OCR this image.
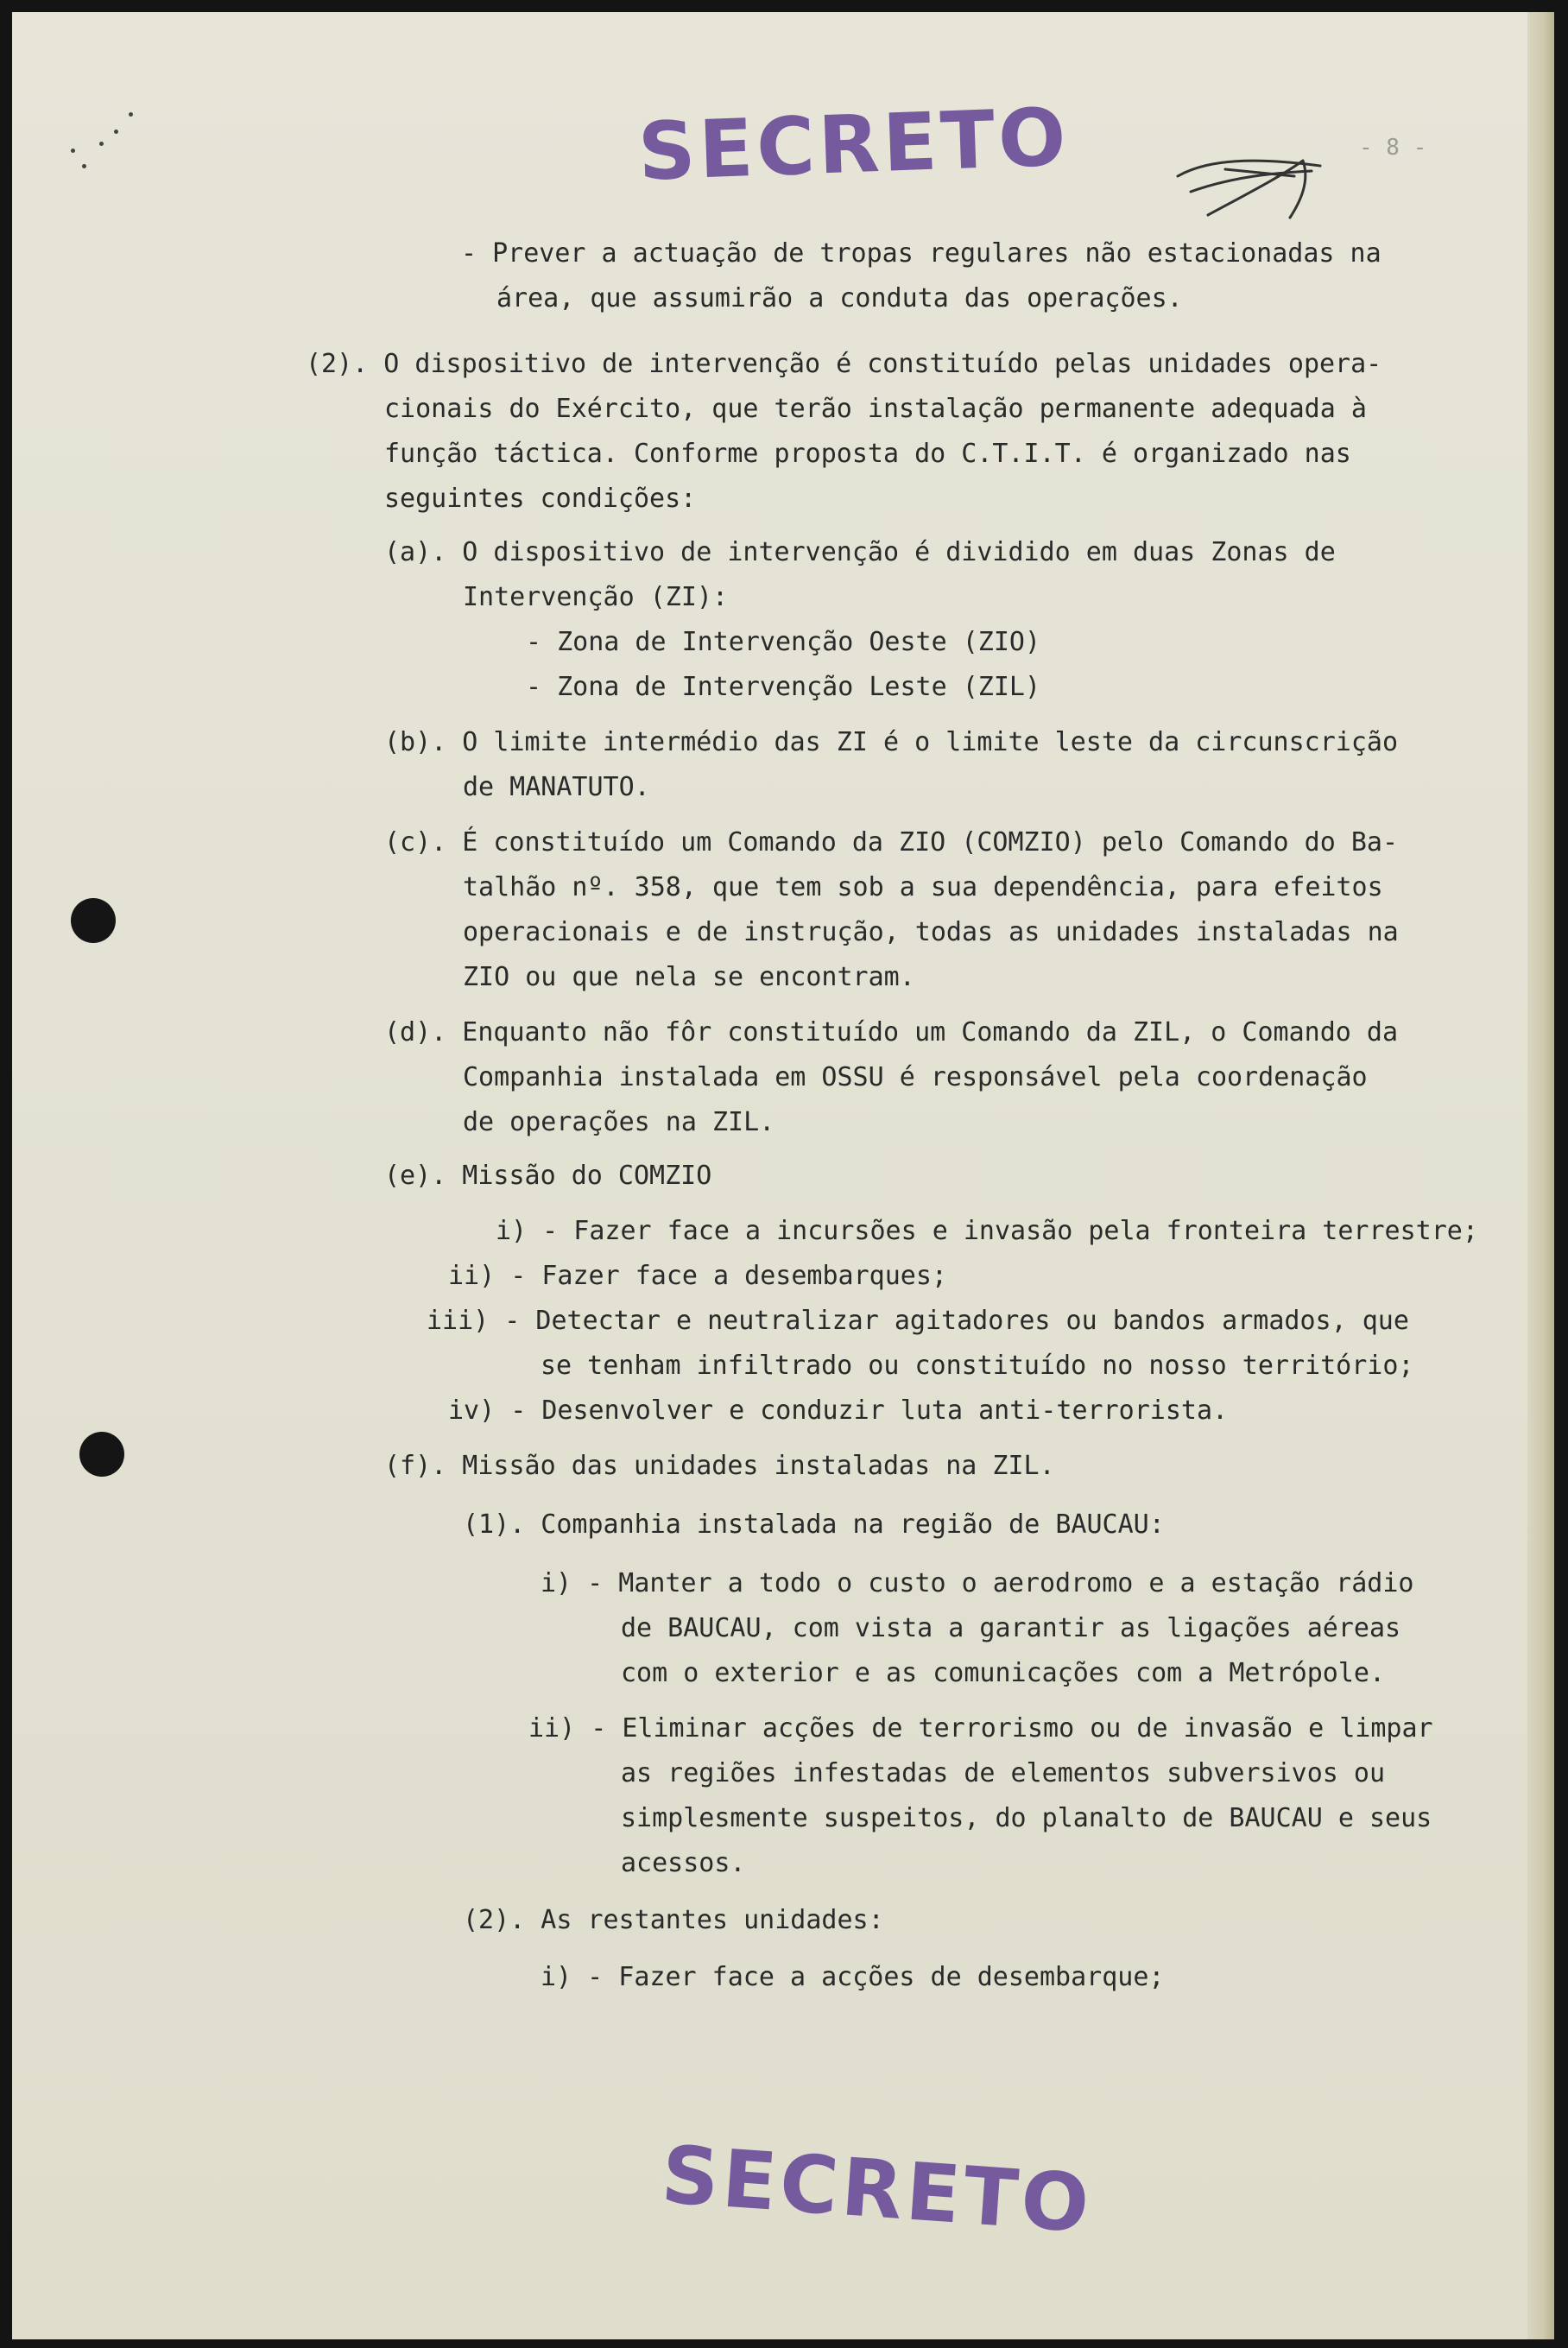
SECRETO	- 8 -

- Prever a actuação de tropas regulares não estacionadas na

área, que assumirão a conduta das operações.

(2). O dispositivo de intervenção é constituído pelas unidades opera-

cionais do Exército, que terão instalação permanente adequada à

função táctica. Conforme proposta do C.T.I.T. é organizado nas

seguintes condições:

(a). O dispositivo de intervenção é dividido em duas Zonas de

Intervenção (ZI):

- Zona de Intervenção Oeste (ZIO)

- Zona de Intervenção Leste (ZIL)

(b). O limite intermédio das ZI é o limite leste da circunscrição

de MANATUTO.

(c). É constituído um Comando da ZIO (COMZIO) pelo Comando do Ba-

talhão nº. 358, que tem sob a sua dependência, para efeitos

operacionais e de instrução, todas as unidades instaladas na

ZIO ou que nela se encontram.

(d). Enquanto não fôr constituído um Comando da ZIL, o Comando da

Companhia instalada em OSSU é responsável pela coordenação

de operações na ZIL.

(e). Missão do COMZIO

i) - Fazer face a incursões e invasão pela fronteira terrestre;

ii) - Fazer face a desembarques;

iii) - Detectar e neutralizar agitadores ou bandos armados, que

se tenham infiltrado ou constituído no nosso território;

iv) - Desenvolver e conduzir luta anti-terrorista.

(f). Missão das unidades instaladas na ZIL.

(1). Companhia instalada na região de BAUCAU:

i) - Manter a todo o custo o aerodromo e a estação rádio

de BAUCAU, com vista a garantir as ligações aéreas

com o exterior e as comunicações com a Metrópole.

ii) - Eliminar acções de terrorismo ou de invasão e limpar

as regiões infestadas de elementos subversivos ou

simplesmente suspeitos, do planalto de BAUCAU e seus

acessos.

(2). As restantes unidades:

i) - Fazer face a acções de desembarque;

SECRETO
